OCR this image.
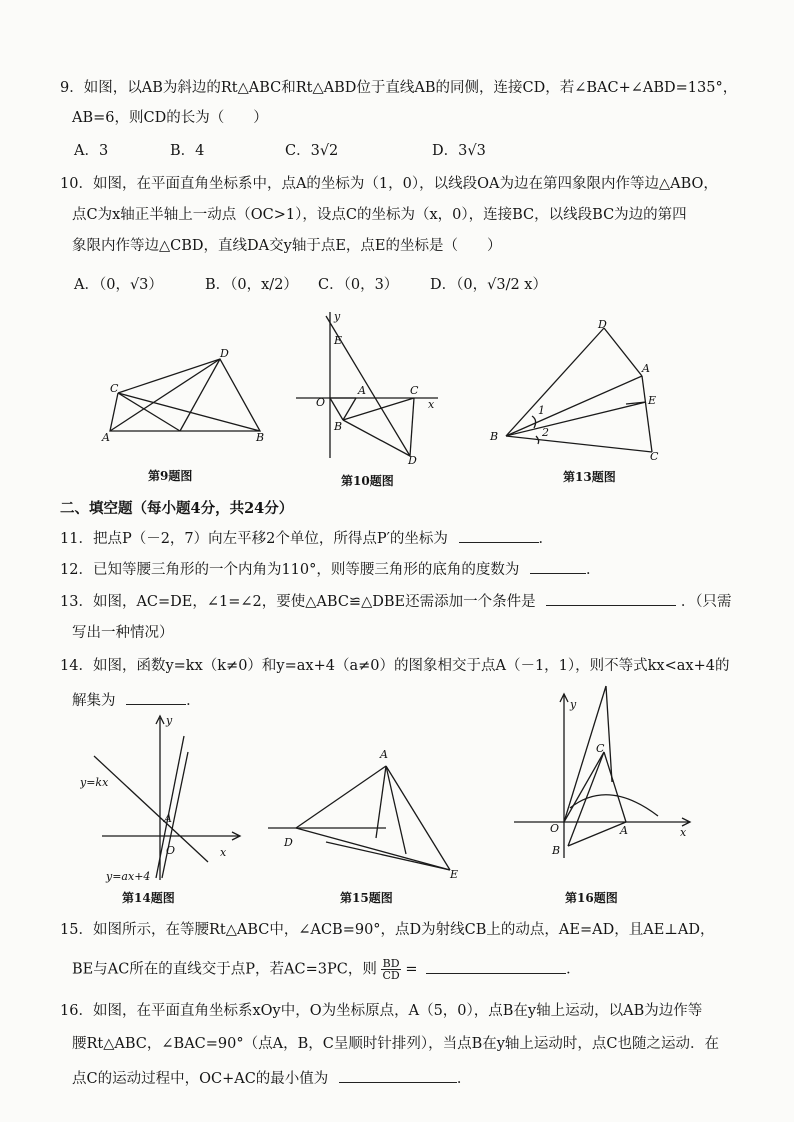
9．如图，以AB为斜边的Rt△ABC和Rt△ABD位于直线AB的同侧，连接CD，若∠BAC+∠ABD=135°，
AB=6，则CD的长为（　　）
A．3	B．4	C．3√2	D．3√3
10．如图，在平面直角坐标系中，点A的坐标为（1，0），以线段OA为边在第四象限内作等边△ABO，
点C为x轴正半轴上一动点（OC>1），设点C的坐标为（x，0），连接BC，以线段BC为边的第四
象限内作等边△CBD，直线DA交y轴于点E，点E的坐标是（　　）
A．（0，√3）	B．（0，x/2） C．（0，3） D．（0，√3/2 x）
C
D
A	B
第9题图
y
E
O
A	C
x
B
D
第10题图
D
A
E
B
1
2
C
第13题图
二、填空题（每小题4分，共24分）
11．把点P（－2，7）向左平移2个单位，所得点P′的坐标为	．
12．已知等腰三角形的一个内角为110°，则等腰三角形的底角的度数为	．
13．如图，AC=DE，∠1=∠2，要使△ABC≌△DBE还需添加一个条件是	．（只需
写出一种情况）
14．如图，函数y=kx（k≠0）和y=ax+4（a≠0）的图象相交于点A（－1，1），则不等式kx<ax+4的
解集为	．
y
y=kx
A
O	x
y=ax+4
第14题图
A
D
E
第15题图
y
C
O	A	x
B
第16题图
15．如图所示，在等腰Rt△ABC中，∠ACB=90°，点D为射线CB上的动点，AE=AD，且AE⊥AD，
BE与AC所在的直线交于点P，若AC=3PC，则 $\frac{BD}{CD}$ =	．
16．如图，在平面直角坐标系xOy中，O为坐标原点，A（5，0），点B在y轴上运动，以AB为边作等
腰Rt△ABC，∠BAC=90°（点A，B，C呈顺时针排列），当点B在y轴上运动时，点C也随之运动．在
点C的运动过程中，OC+AC的最小值为	．
